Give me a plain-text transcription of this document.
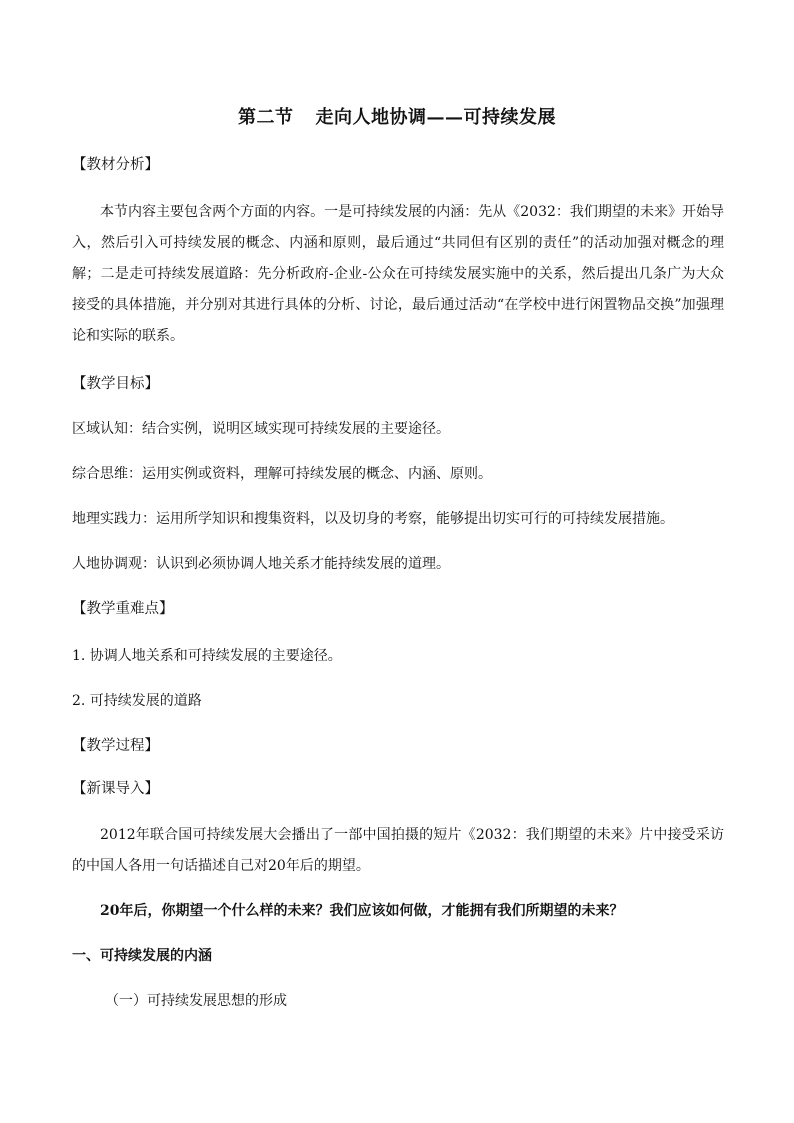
第二节 走向人地协调——可持续发展
【教材分析】
本节内容主要包含两个方面的内容。一是可持续发展的内涵：先从《2032：我们期望的未来》开始导入，然后引入可持续发展的概念、内涵和原则，最后通过“共同但有区别的责任”的活动加强对概念的理解；二是走可持续发展道路：先分析政府-企业-公众在可持续发展实施中的关系，然后提出几条广为大众接受的具体措施，并分别对其进行具体的分析、讨论，最后通过活动“在学校中进行闲置物品交换”加强理论和实际的联系。
【教学目标】
区域认知：结合实例，说明区域实现可持续发展的主要途径。
综合思维：运用实例或资料，理解可持续发展的概念、内涵、原则。
地理实践力：运用所学知识和搜集资料，以及切身的考察，能够提出切实可行的可持续发展措施。
人地协调观：认识到必须协调人地关系才能持续发展的道理。
【教学重难点】
1. 协调人地关系和可持续发展的主要途径。
2. 可持续发展的道路
【教学过程】
【新课导入】
2012年联合国可持续发展大会播出了一部中国拍摄的短片《2032：我们期望的未来》片中接受采访的中国人各用一句话描述自己对20年后的期望。
20年后，你期望一个什么样的未来？我们应该如何做，才能拥有我们所期望的未来？
一、可持续发展的内涵
（一）可持续发展思想的形成
